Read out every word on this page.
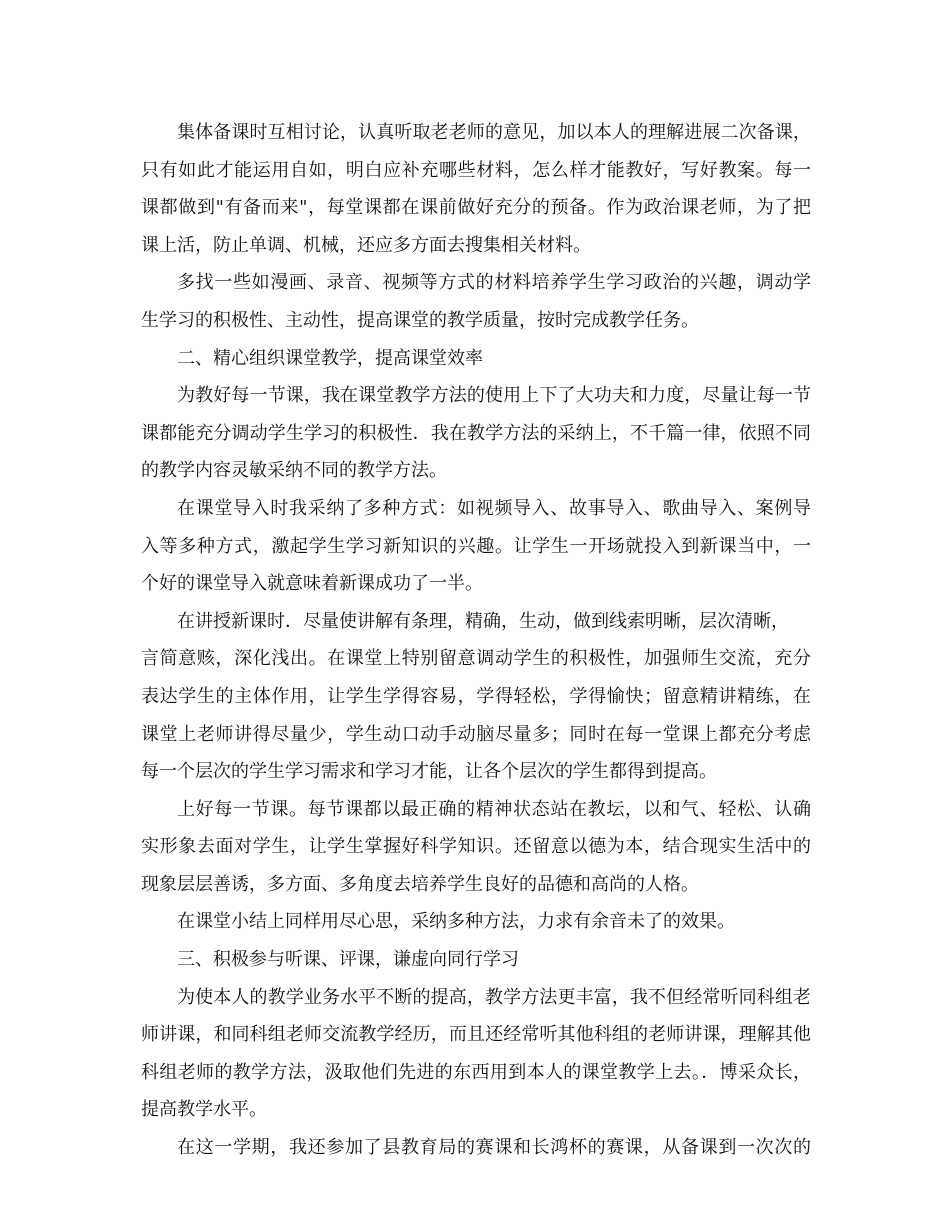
集体备课时互相讨论，认真听取老老师的意见，加以本人的理解进展二次备课，
只有如此才能运用自如，明白应补充哪些材料，怎么样才能教好，写好教案。每一
课都做到"有备而来"，每堂课都在课前做好充分的预备。作为政治课老师，为了把
课上活，防止单调、机械，还应多方面去搜集相关材料。
多找一些如漫画、录音、视频等方式的材料培养学生学习政治的兴趣，调动学
生学习的积极性、主动性，提高课堂的教学质量，按时完成教学任务。
二、精心组织课堂教学，提高课堂效率
为教好每一节课，我在课堂教学方法的使用上下了大功夫和力度，尽量让每一节
课都能充分调动学生学习的积极性．我在教学方法的采纳上，不千篇一律，依照不同
的教学内容灵敏采纳不同的教学方法。
在课堂导入时我采纳了多种方式：如视频导入、故事导入、歌曲导入、案例导
入等多种方式，激起学生学习新知识的兴趣。让学生一开场就投入到新课当中，一
个好的课堂导入就意味着新课成功了一半。
在讲授新课时．尽量使讲解有条理，精确，生动，做到线索明晰，层次清晰，
言简意赅，深化浅出。在课堂上特别留意调动学生的积极性，加强师生交流，充分
表达学生的主体作用，让学生学得容易，学得轻松，学得愉快；留意精讲精练，在
课堂上老师讲得尽量少，学生动口动手动脑尽量多；同时在每一堂课上都充分考虑
每一个层次的学生学习需求和学习才能，让各个层次的学生都得到提高。
上好每一节课。每节课都以最正确的精神状态站在教坛，以和气、轻松、认确
实形象去面对学生，让学生掌握好科学知识。还留意以德为本，结合现实生活中的
现象层层善诱，多方面、多角度去培养学生良好的品德和高尚的人格。
在课堂小结上同样用尽心思，采纳多种方法，力求有余音未了的效果。
三、积极参与听课、评课，谦虚向同行学习
为使本人的教学业务水平不断的提高，教学方法更丰富，我不但经常听同科组老
师讲课，和同科组老师交流教学经历，而且还经常听其他科组的老师讲课，理解其他
科组老师的教学方法，汲取他们先进的东西用到本人的课堂教学上去。．博采众长，
提高教学水平。
在这一学期，我还参加了县教育局的赛课和长鸿杯的赛课，从备课到一次次的
